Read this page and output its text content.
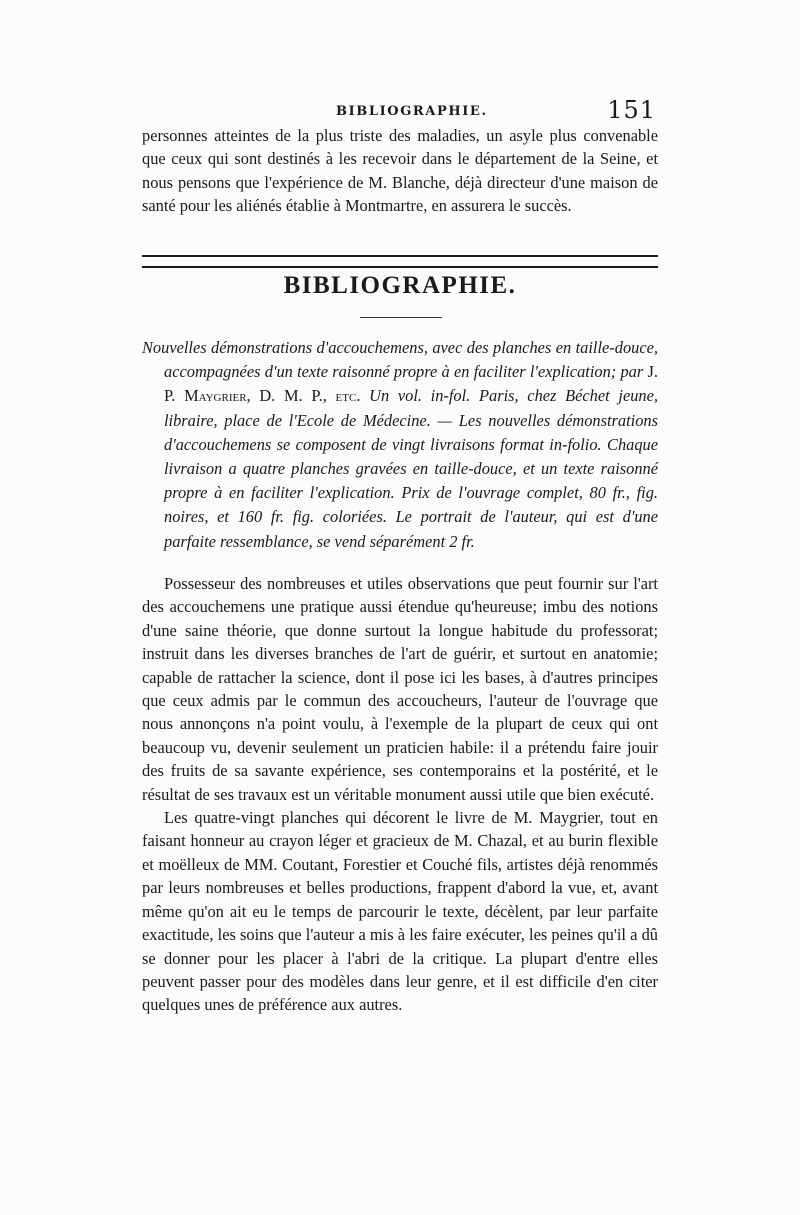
BIBLIOGRAPHIE.	151
personnes atteintes de la plus triste des maladies, un asyle plus convenable que ceux qui sont destinés à les recevoir dans le département de la Seine, et nous pensons que l'expérience de M. Blanche, déjà directeur d'une maison de santé pour les aliénés établie à Montmartre, en assurera le succès.
BIBLIOGRAPHIE.
Nouvelles démonstrations d'accouchemens, avec des planches en taille-douce, accompagnées d'un texte raisonné propre à en faciliter l'explication; par J. P. Maygrier, D. M. P., etc. Un vol. in-fol. Paris, chez Béchet jeune, libraire, place de l'Ecole de Médecine. — Les nouvelles démonstrations d'accouchemens se composent de vingt livraisons format in-folio. Chaque livraison a quatre planches gravées en taille-douce, et un texte raisonné propre à en faciliter l'explication. Prix de l'ouvrage complet, 80 fr., fig. noires, et 160 fr. fig. coloriées. Le portrait de l'auteur, qui est d'une parfaite ressemblance, se vend séparément 2 fr.

Possesseur des nombreuses et utiles observations que peut fournir sur l'art des accouchemens une pratique aussi étendue qu'heureuse; imbu des notions d'une saine théorie, que donne surtout la longue habitude du professorat; instruit dans les diverses branches de l'art de guérir, et surtout en anatomie; capable de rattacher la science, dont il pose ici les bases, à d'autres principes que ceux admis par le commun des accoucheurs, l'auteur de l'ouvrage que nous annonçons n'a point voulu, à l'exemple de la plupart de ceux qui ont beaucoup vu, devenir seulement un praticien habile: il a prétendu faire jouir des fruits de sa savante expérience, ses contemporains et la postérité, et le résultat de ses travaux est un véritable monument aussi utile que bien exécuté.

Les quatre-vingt planches qui décorent le livre de M. Maygrier, tout en faisant honneur au crayon léger et gracieux de M. Chazal, et au burin flexible et moëlleux de MM. Coutant, Forestier et Couché fils, artistes déjà renommés par leurs nombreuses et belles productions, frappent d'abord la vue, et, avant même qu'on ait eu le temps de parcourir le texte, décèlent, par leur parfaite exactitude, les soins que l'auteur a mis à les faire exécuter, les peines qu'il a dû se donner pour les placer à l'abri de la critique. La plupart d'entre elles peuvent passer pour des modèles dans leur genre, et il est difficile d'en citer quelques unes de préférence aux autres.
